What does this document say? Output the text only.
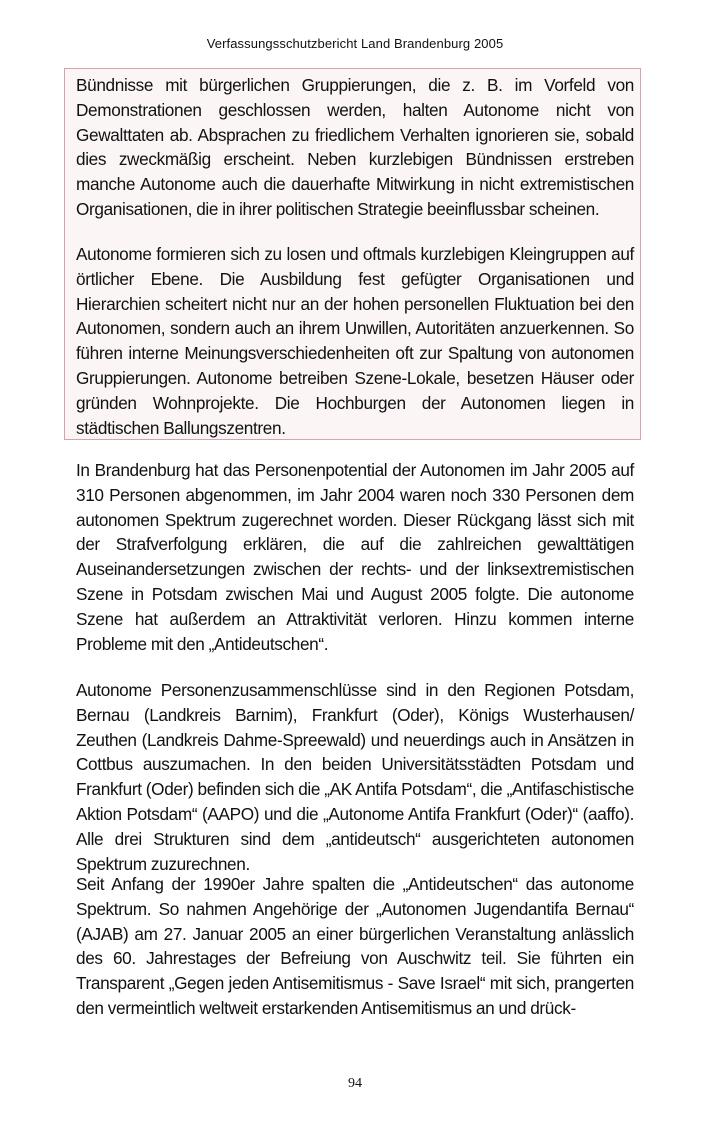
Verfassungsschutzbericht Land Brandenburg 2005

Bündnisse mit bürgerlichen Gruppierungen, die z. B. im Vorfeld von Demonstrationen geschlossen werden, halten Autonome nicht von Gewalttaten ab. Absprachen zu friedlichem Verhalten ignorieren sie, sobald dies zweckmäßig erscheint. Neben kurzlebigen Bündnissen erstreben manche Autonome auch die dauerhafte Mitwirkung in nicht extremistischen Organisationen, die in ihrer politischen Strategie beeinflussbar scheinen.

Autonome formieren sich zu losen und oftmals kurzlebigen Kleingruppen auf örtlicher Ebene. Die Ausbildung fest gefügter Organisationen und Hierarchien scheitert nicht nur an der hohen personellen Fluktuation bei den Autonomen, sondern auch an ihrem Unwillen, Autoritäten anzuerkennen. So führen interne Meinungsverschiedenheiten oft zur Spaltung von autonomen Gruppierungen. Autonome betreiben Szene-Lokale, besetzen Häuser oder gründen Wohnprojekte. Die Hochburgen der Autonomen liegen in städtischen Ballungszentren.

In Brandenburg hat das Personenpotential der Autonomen im Jahr 2005 auf 310 Personen abgenommen, im Jahr 2004 waren noch 330 Personen dem autonomen Spektrum zugerechnet worden. Dieser Rückgang lässt sich mit der Strafverfolgung erklären, die auf die zahlreichen gewalttätigen Auseinandersetzungen zwischen der rechts- und der linksextremistischen Szene in Potsdam zwischen Mai und August 2005 folgte. Die autonome Szene hat außerdem an Attraktivität verloren. Hinzu kommen interne Probleme mit den „Antideutschen“.

Autonome Personenzusammenschlüsse sind in den Regionen Potsdam, Bernau (Landkreis Barnim), Frankfurt (Oder), Königs Wusterhausen/ Zeuthen (Landkreis Dahme-Spreewald) und neuerdings auch in Ansätzen in Cottbus auszumachen. In den beiden Universitätsstädten Potsdam und Frankfurt (Oder) befinden sich die „AK Antifa Potsdam“, die „Antifaschistische Aktion Potsdam“ (AAPO) und die „Autonome Antifa Frankfurt (Oder)“ (aaffo). Alle drei Strukturen sind dem „antideutsch“ ausgerichteten autonomen Spektrum zuzurechnen.

Seit Anfang der 1990er Jahre spalten die „Antideutschen“ das autonome Spektrum. So nahmen Angehörige der „Autonomen Jugendantifa Bernau“ (AJAB) am 27. Januar 2005 an einer bürgerlichen Veranstaltung anlässlich des 60. Jahrestages der Befreiung von Auschwitz teil. Sie führten ein Transparent „Gegen jeden Antisemitismus - Save Israel“ mit sich, prangerten den vermeintlich weltweit erstarkenden Antisemitismus an und drück-

94
